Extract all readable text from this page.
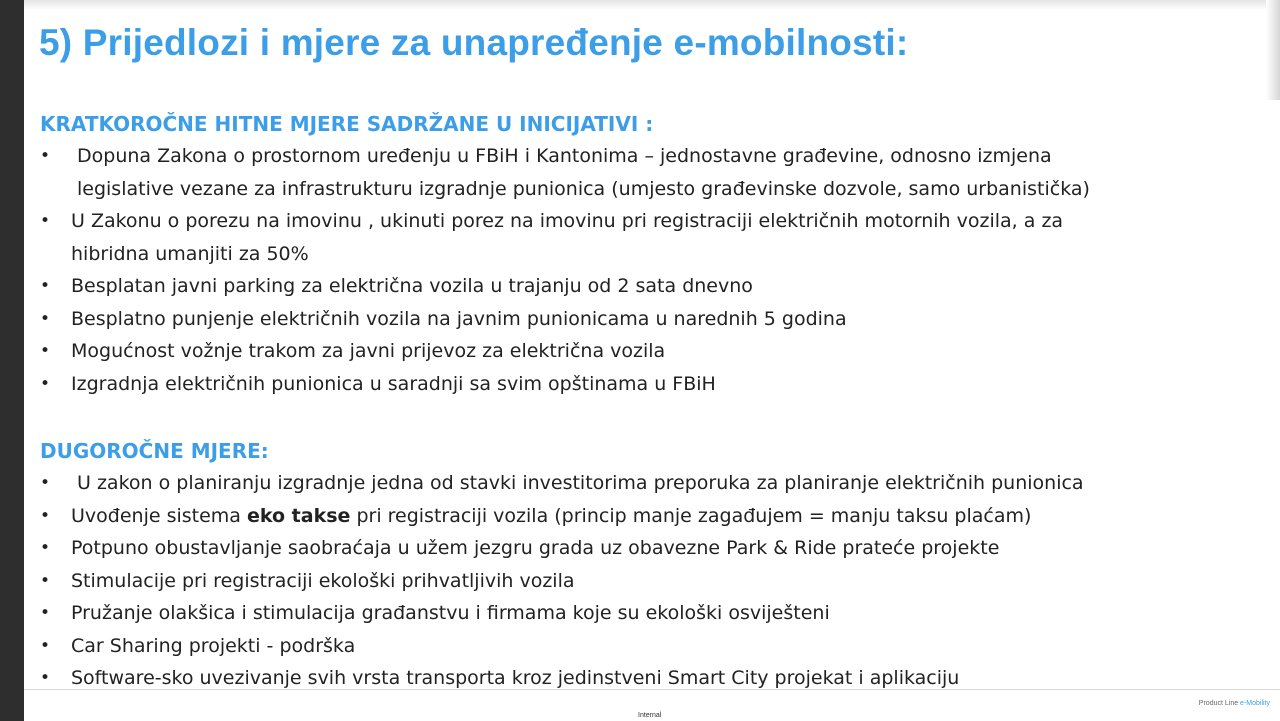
5) Prijedlozi i mjere za unapređenje e-mobilnosti:
KRATKOROČNE HITNE MJERE SADRŽANE U INICIJATIVI :
• Dopuna Zakona o prostornom uređenju u FBiH i Kantonima – jednostavne građevine, odnosno izmjena
legislative vezane za infrastrukturu izgradnje punionica (umjesto građevinske dozvole, samo urbanistička)
• U Zakonu o porezu na imovinu , ukinuti porez na imovinu pri registraciji električnih motornih vozila, a za
hibridna umanjiti za 50%
• Besplatan javni parking za električna vozila u trajanju od 2 sata dnevno
• Besplatno punjenje električnih vozila na javnim punionicama u narednih 5 godina
• Mogućnost vožnje trakom za javni prijevoz za električna vozila
• Izgradnja električnih punionica u saradnji sa svim opštinama u FBiH
DUGOROČNE MJERE:
• U zakon o planiranju izgradnje jedna od stavki investitorima preporuka za planiranje električnih punionica
• Uvođenje sistema eko takse pri registraciji vozila (princip manje zagađujem = manju taksu plaćam)
• Potpuno obustavljanje saobraćaja u užem jezgru grada uz obavezne Park & Ride prateće projekte
• Stimulacije pri registraciji ekološki prihvatljivih vozila
• Pružanje olakšica i stimulacija građanstvu i firmama koje su ekološki osviješteni
• Car Sharing projekti - podrška
• Software-sko uvezivanje svih vrsta transporta kroz jedinstveni Smart City projekat i aplikaciju
Product Line e-Mobility
Internal
